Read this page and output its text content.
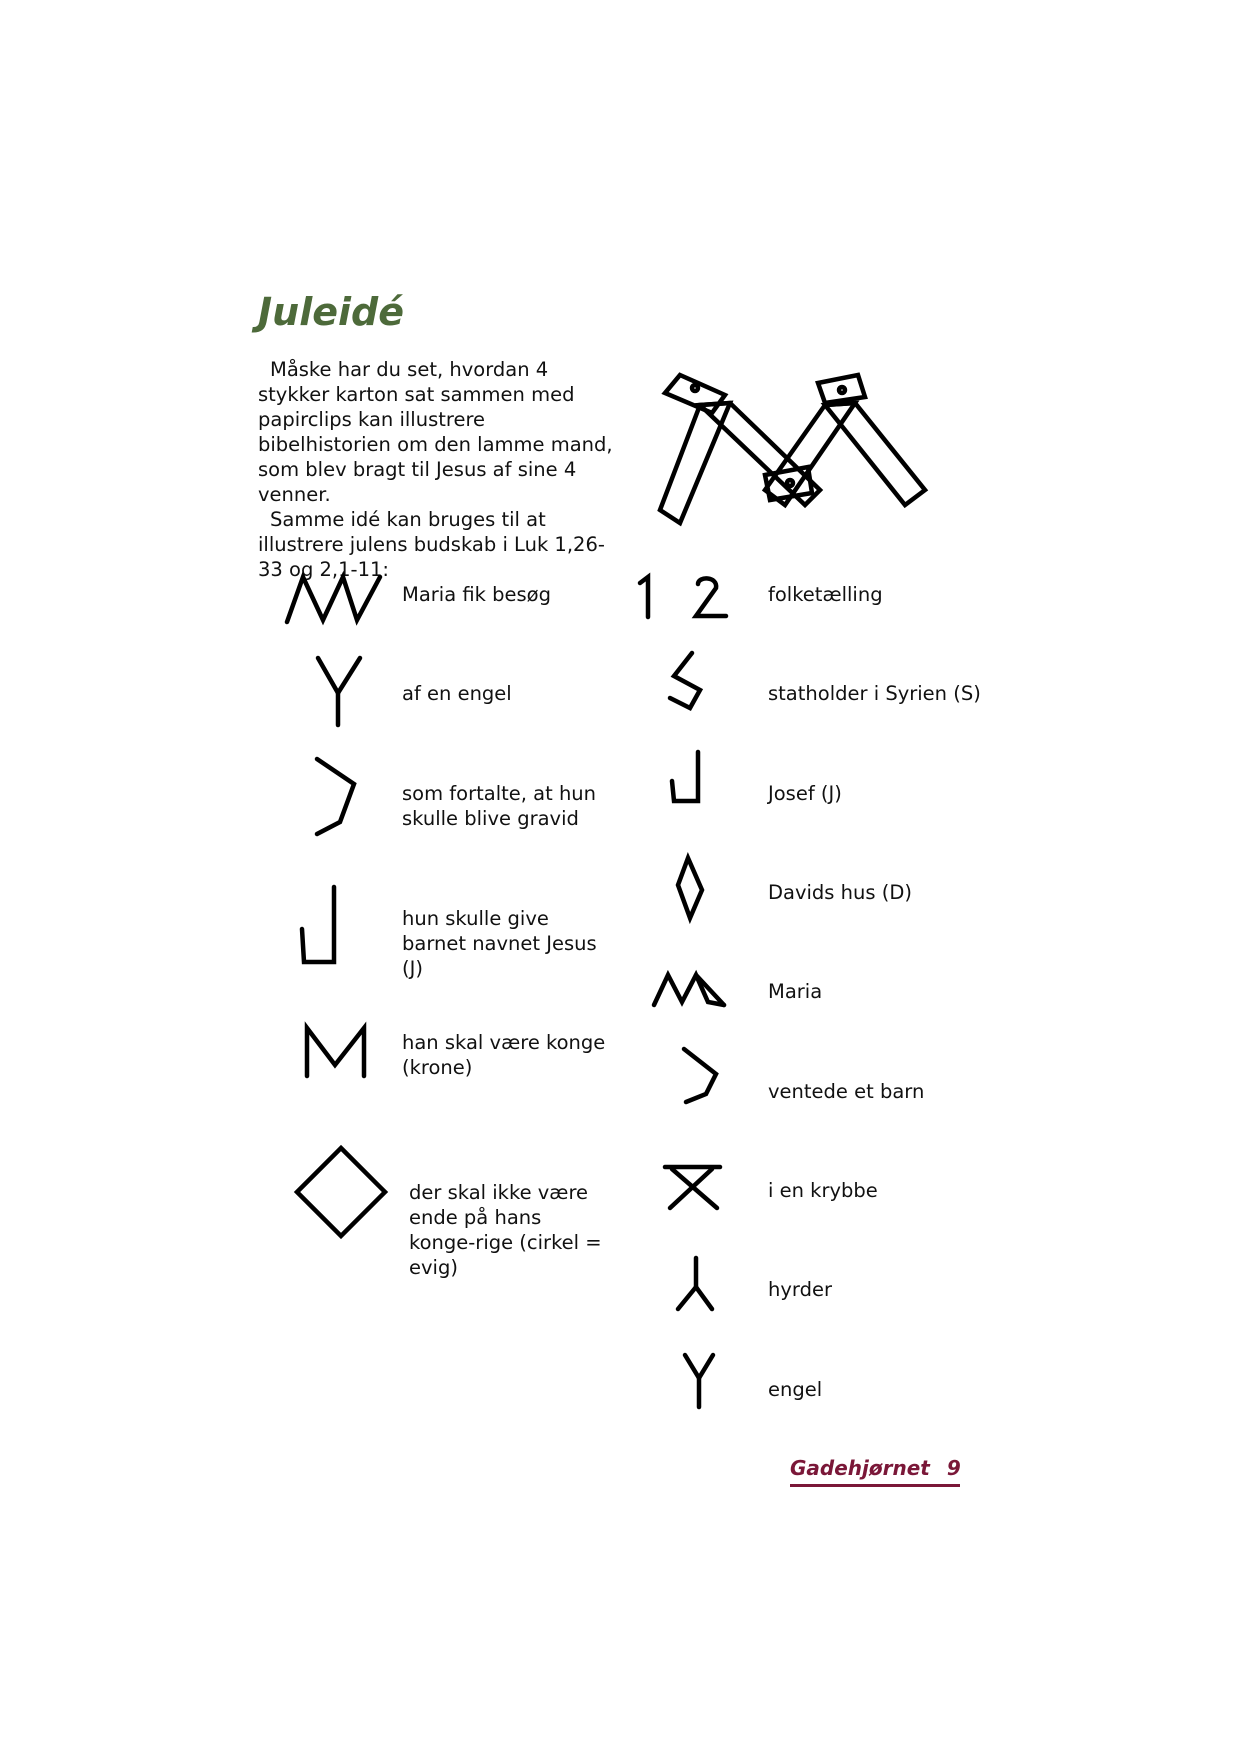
Juleidé

Måske har du set, hvordan 4 stykker karton sat sammen med papirclips kan illustrere bibelhistorien om den lamme mand, som blev bragt til Jesus af sine 4 venner.

Samme idé kan bruges til at illustrere julens budskab i Luk 1,26-33 og 2,1-11:

Maria fik besøg
af en engel
som fortalte, at hun skulle blive gravid
hun skulle give barnet navnet Jesus (J)
han skal være konge (krone)
der skal ikke være ende på hans konge-rige (cirkel = evig)
folketælling
statholder i Syrien (S)
Josef (J)
Davids hus (D)
Maria
ventede et barn
i en krybbe
hyrder
engel
Gadehjørnet 9
